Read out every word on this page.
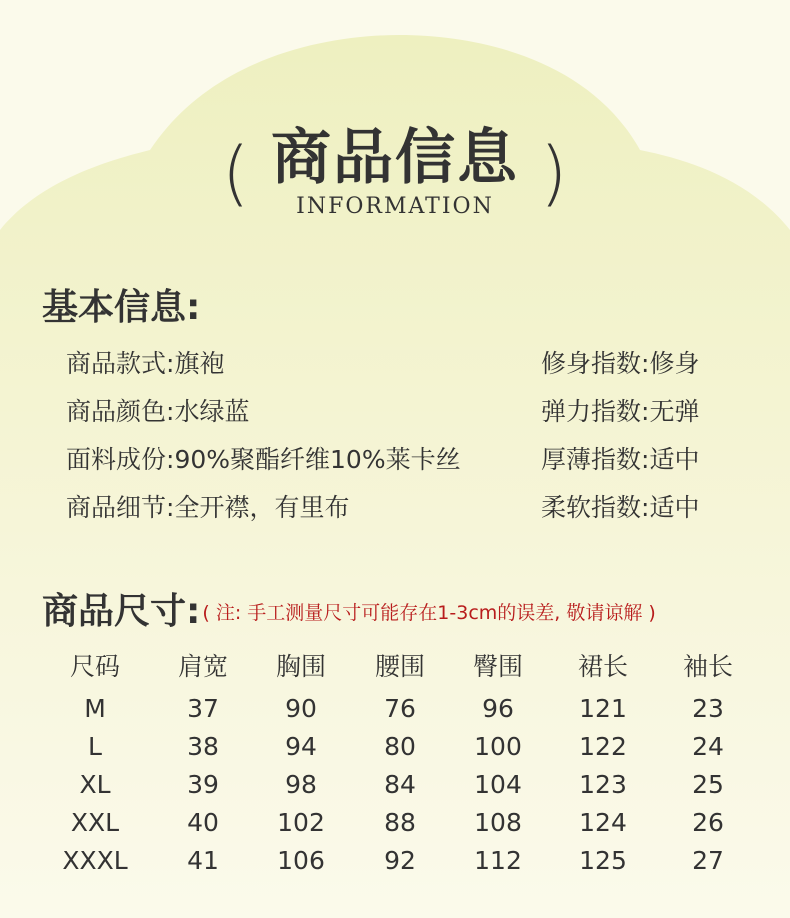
( 商品信息
INFORMATION )
基本信息:
商品款式:旗袍
商品颜色:水绿蓝
面料成份:90%聚酯纤维10%莱卡丝
商品细节:全开襟，有里布
修身指数:修身
弹力指数:无弹
厚薄指数:适中
柔软指数:适中
商品尺寸: ( 注: 手工测量尺寸可能存在1-3cm的误差, 敬请谅解 )
尺码	肩宽	胸围	腰围	臀围	裙长	袖长
M	37	90	76	96	121	23
L	38	94	80	100	122	24
XL	39	98	84	104	123	25
XXL	40	102	88	108	124	26
XXXL	41	106	92	112	125	27
